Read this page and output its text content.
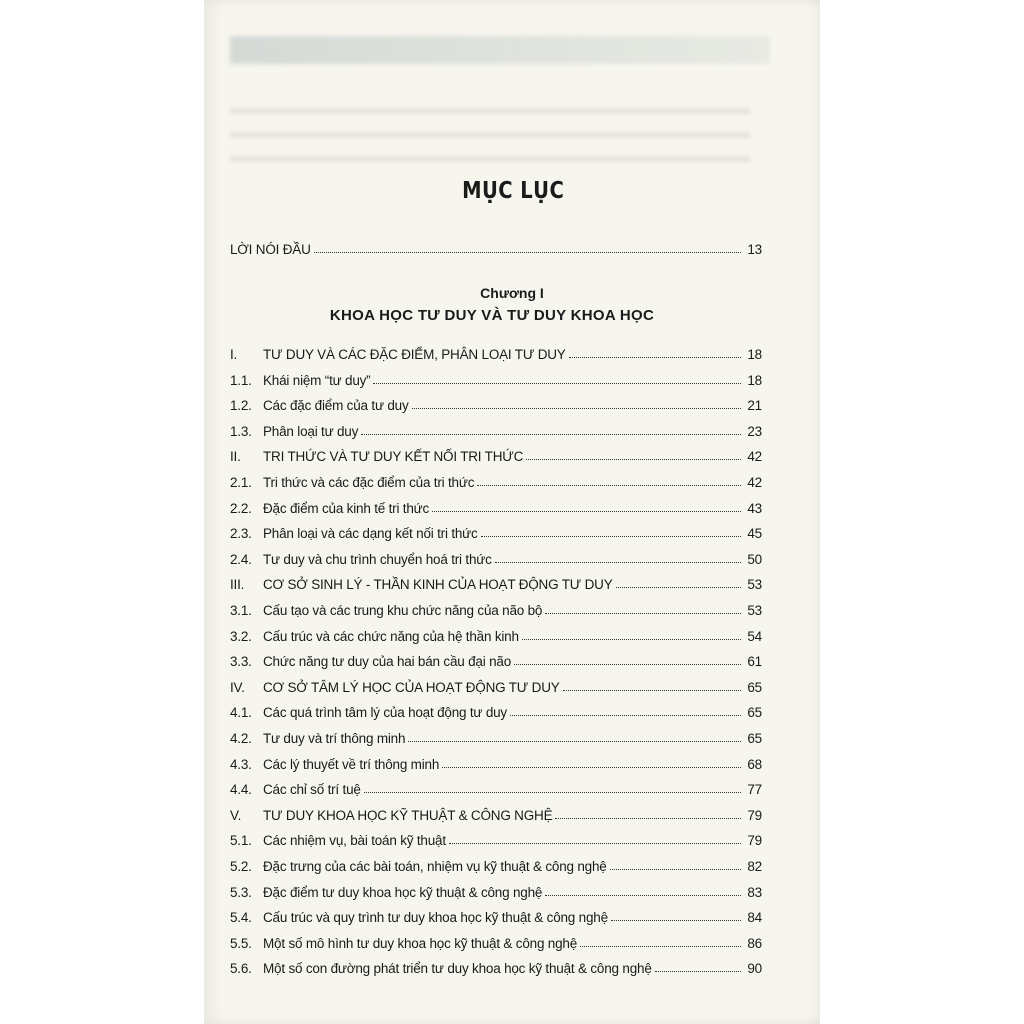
MỤC LỤC
LỜI NÓI ĐẦU	13
Chương I
KHOA HỌC TƯ DUY VÀ TƯ DUY KHOA HỌC
I.	TƯ DUY VÀ CÁC ĐẶC ĐIỂM, PHÂN LOẠI TƯ DUY	18
1.1. Khái niệm “tư duy”	18
1.2. Các đặc điểm của tư duy	21
1.3. Phân loại tư duy	23
II.	TRI THỨC VÀ TƯ DUY KẾT NỐI TRI THỨC	42
2.1. Tri thức và các đặc điểm của tri thức	42
2.2. Đặc điểm của kinh tế tri thức	43
2.3. Phân loại và các dạng kết nối tri thức	45
2.4. Tư duy và chu trình chuyển hoá tri thức	50
III.	CƠ SỞ SINH LÝ - THẦN KINH CỦA HOẠT ĐỘNG TƯ DUY	53
3.1. Cấu tạo và các trung khu chức năng của não bộ	53
3.2. Cấu trúc và các chức năng của hệ thần kinh	54
3.3. Chức năng tư duy của hai bán cầu đại não	61
IV.	CƠ SỞ TÂM LÝ HỌC CỦA HOẠT ĐỘNG TƯ DUY	65
4.1. Các quá trình tâm lý của hoạt động tư duy	65
4.2. Tư duy và trí thông minh	65
4.3. Các lý thuyết về trí thông minh	68
4.4. Các chỉ số trí tuệ	77
V.	TƯ DUY KHOA HỌC KỸ THUẬT & CÔNG NGHỆ	79
5.1. Các nhiệm vụ, bài toán kỹ thuật	79
5.2. Đặc trưng của các bài toán, nhiệm vụ kỹ thuật & công nghệ	82
5.3. Đặc điểm tư duy khoa học kỹ thuật & công nghệ	83
5.4. Cấu trúc và quy trình tư duy khoa học kỹ thuật & công nghệ	84
5.5. Một số mô hình tư duy khoa học kỹ thuật & công nghệ	86
5.6. Một số con đường phát triển tư duy khoa học kỹ thuật & công nghệ	90
